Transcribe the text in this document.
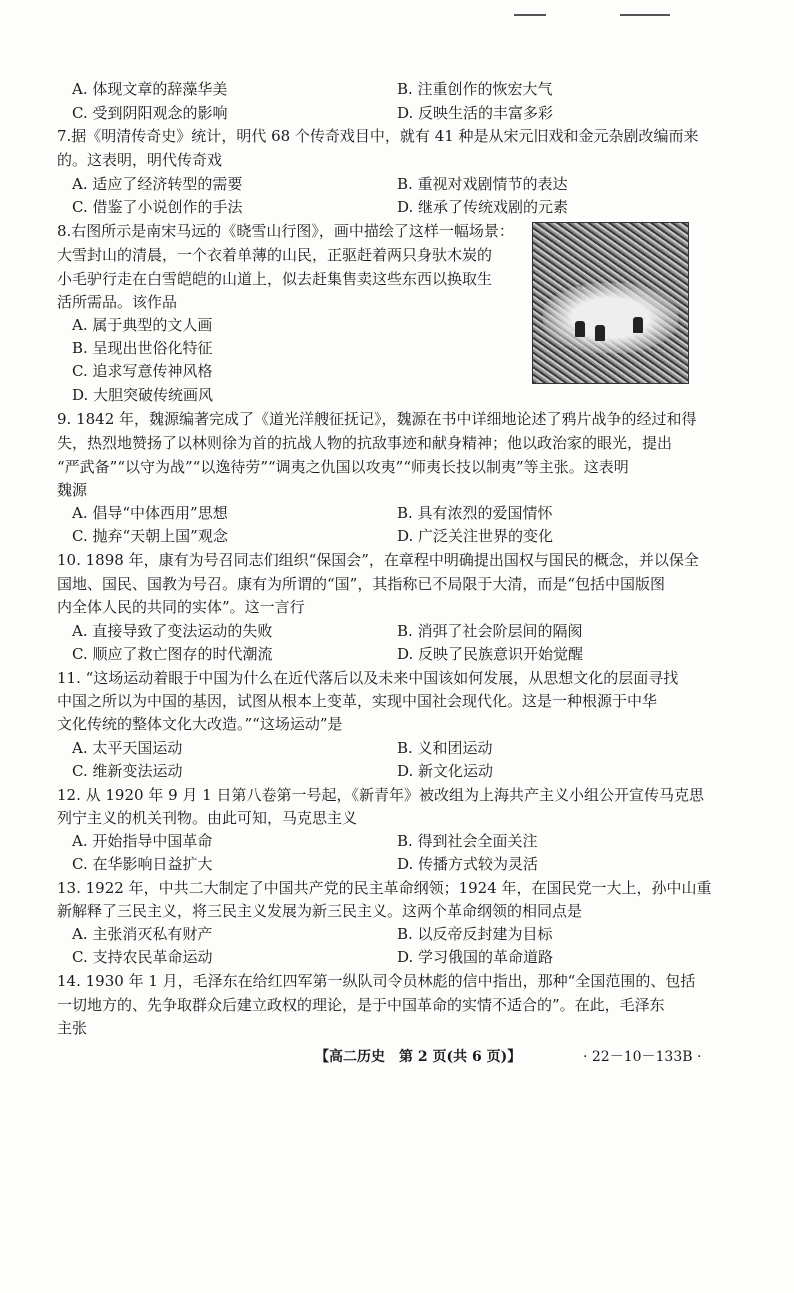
A. 体现文章的辞藻华美	B. 注重创作的恢宏大气
C. 受到阴阳观念的影响	D. 反映生活的丰富多彩
7.据《明清传奇史》统计，明代 68 个传奇戏目中，就有 41 种是从宋元旧戏和金元杂剧改编而来
的。这表明，明代传奇戏
A. 适应了经济转型的需要	B. 重视对戏剧情节的表达
C. 借鉴了小说创作的手法	D. 继承了传统戏剧的元素
8.右图所示是南宋马远的《晓雪山行图》，画中描绘了这样一幅场景：
大雪封山的清晨，一个衣着单薄的山民，正驱赶着两只身驮木炭的
小毛驴行走在白雪皑皑的山道上，似去赶集售卖这些东西以换取生
活所需品。该作品
A. 属于典型的文人画
B. 呈现出世俗化特征
C. 追求写意传神风格
D. 大胆突破传统画风
9. 1842 年，魏源编著完成了《道光洋艘征抚记》，魏源在书中详细地论述了鸦片战争的经过和得
失，热烈地赞扬了以林则徐为首的抗战人物的抗敌事迹和献身精神；他以政治家的眼光，提出
“严武备”“以守为战”“以逸待劳”“调夷之仇国以攻夷”“师夷长技以制夷”等主张。这表明
魏源
A. 倡导“中体西用”思想	B. 具有浓烈的爱国情怀
C. 抛弃“天朝上国”观念	D. 广泛关注世界的变化
10. 1898 年，康有为号召同志们组织“保国会”，在章程中明确提出国权与国民的概念，并以保全
国地、国民、国教为号召。康有为所谓的“国”，其指称已不局限于大清，而是“包括中国版图
内全体人民的共同的实体”。这一言行
A. 直接导致了变法运动的失败	B. 消弭了社会阶层间的隔阂
C. 顺应了救亡图存的时代潮流	D. 反映了民族意识开始觉醒
11. “这场运动着眼于中国为什么在近代落后以及未来中国该如何发展，从思想文化的层面寻找
中国之所以为中国的基因，试图从根本上变革，实现中国社会现代化。这是一种根源于中华
文化传统的整体文化大改造。”“这场运动”是
A. 太平天国运动	B. 义和团运动
C. 维新变法运动	D. 新文化运动
12. 从 1920 年 9 月 1 日第八卷第一号起，《新青年》被改组为上海共产主义小组公开宣传马克思
列宁主义的机关刊物。由此可知，马克思主义
A. 开始指导中国革命	B. 得到社会全面关注
C. 在华影响日益扩大	D. 传播方式较为灵活
13. 1922 年，中共二大制定了中国共产党的民主革命纲领；1924 年，在国民党一大上，孙中山重
新解释了三民主义，将三民主义发展为新三民主义。这两个革命纲领的相同点是
A. 主张消灭私有财产	B. 以反帝反封建为目标
C. 支持农民革命运动	D. 学习俄国的革命道路
14. 1930 年 1 月，毛泽东在给红四军第一纵队司令员林彪的信中指出，那种“全国范围的、包括
一切地方的、先争取群众后建立政权的理论，是于中国革命的实情不适合的”。在此，毛泽东
主张
【高二历史　第 2 页(共 6 页)】	· 22－10－133B ·
